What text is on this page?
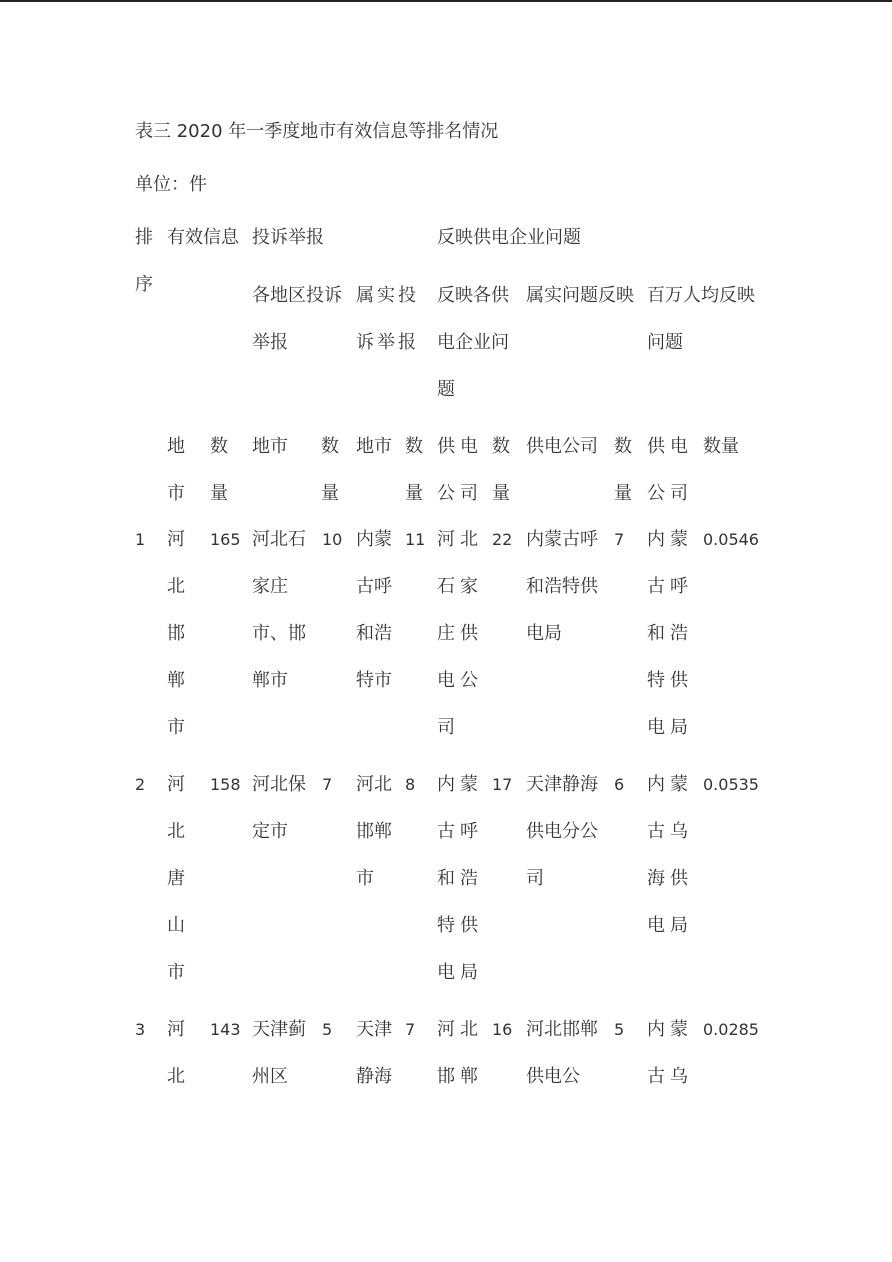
表三 2020 年一季度地市有效信息等排名情况
单位：件
排序
有效信息 投诉举报	反映供电企业问题
各地区投诉举报
属实投诉举报
反映各供电企业问题
属实问题反映 百万人均反映问题
地市
数量
地市 数量
地市 数量
供电公司
数量
供电公司 数量
供电公司
数量
1 河北邯郸市
165 河北石家庄市、邯郸市
10 内蒙古呼和浩特市
11 河北石家庄供电公司
22 内蒙古呼和浩特供电局
7 内蒙古呼和浩特供电局
0.0546
2 河北唐山市
158 河北保定市
7 河北邯郸市
8 内蒙古呼和浩特供电局
17 天津静海供电分公司
6 内蒙古乌海供电局
0.0535
3 河北
143 天津蓟州区
5 天津静海
7 河北邯郸
16 河北邯郸供电公
5 内蒙古乌
0.0285
